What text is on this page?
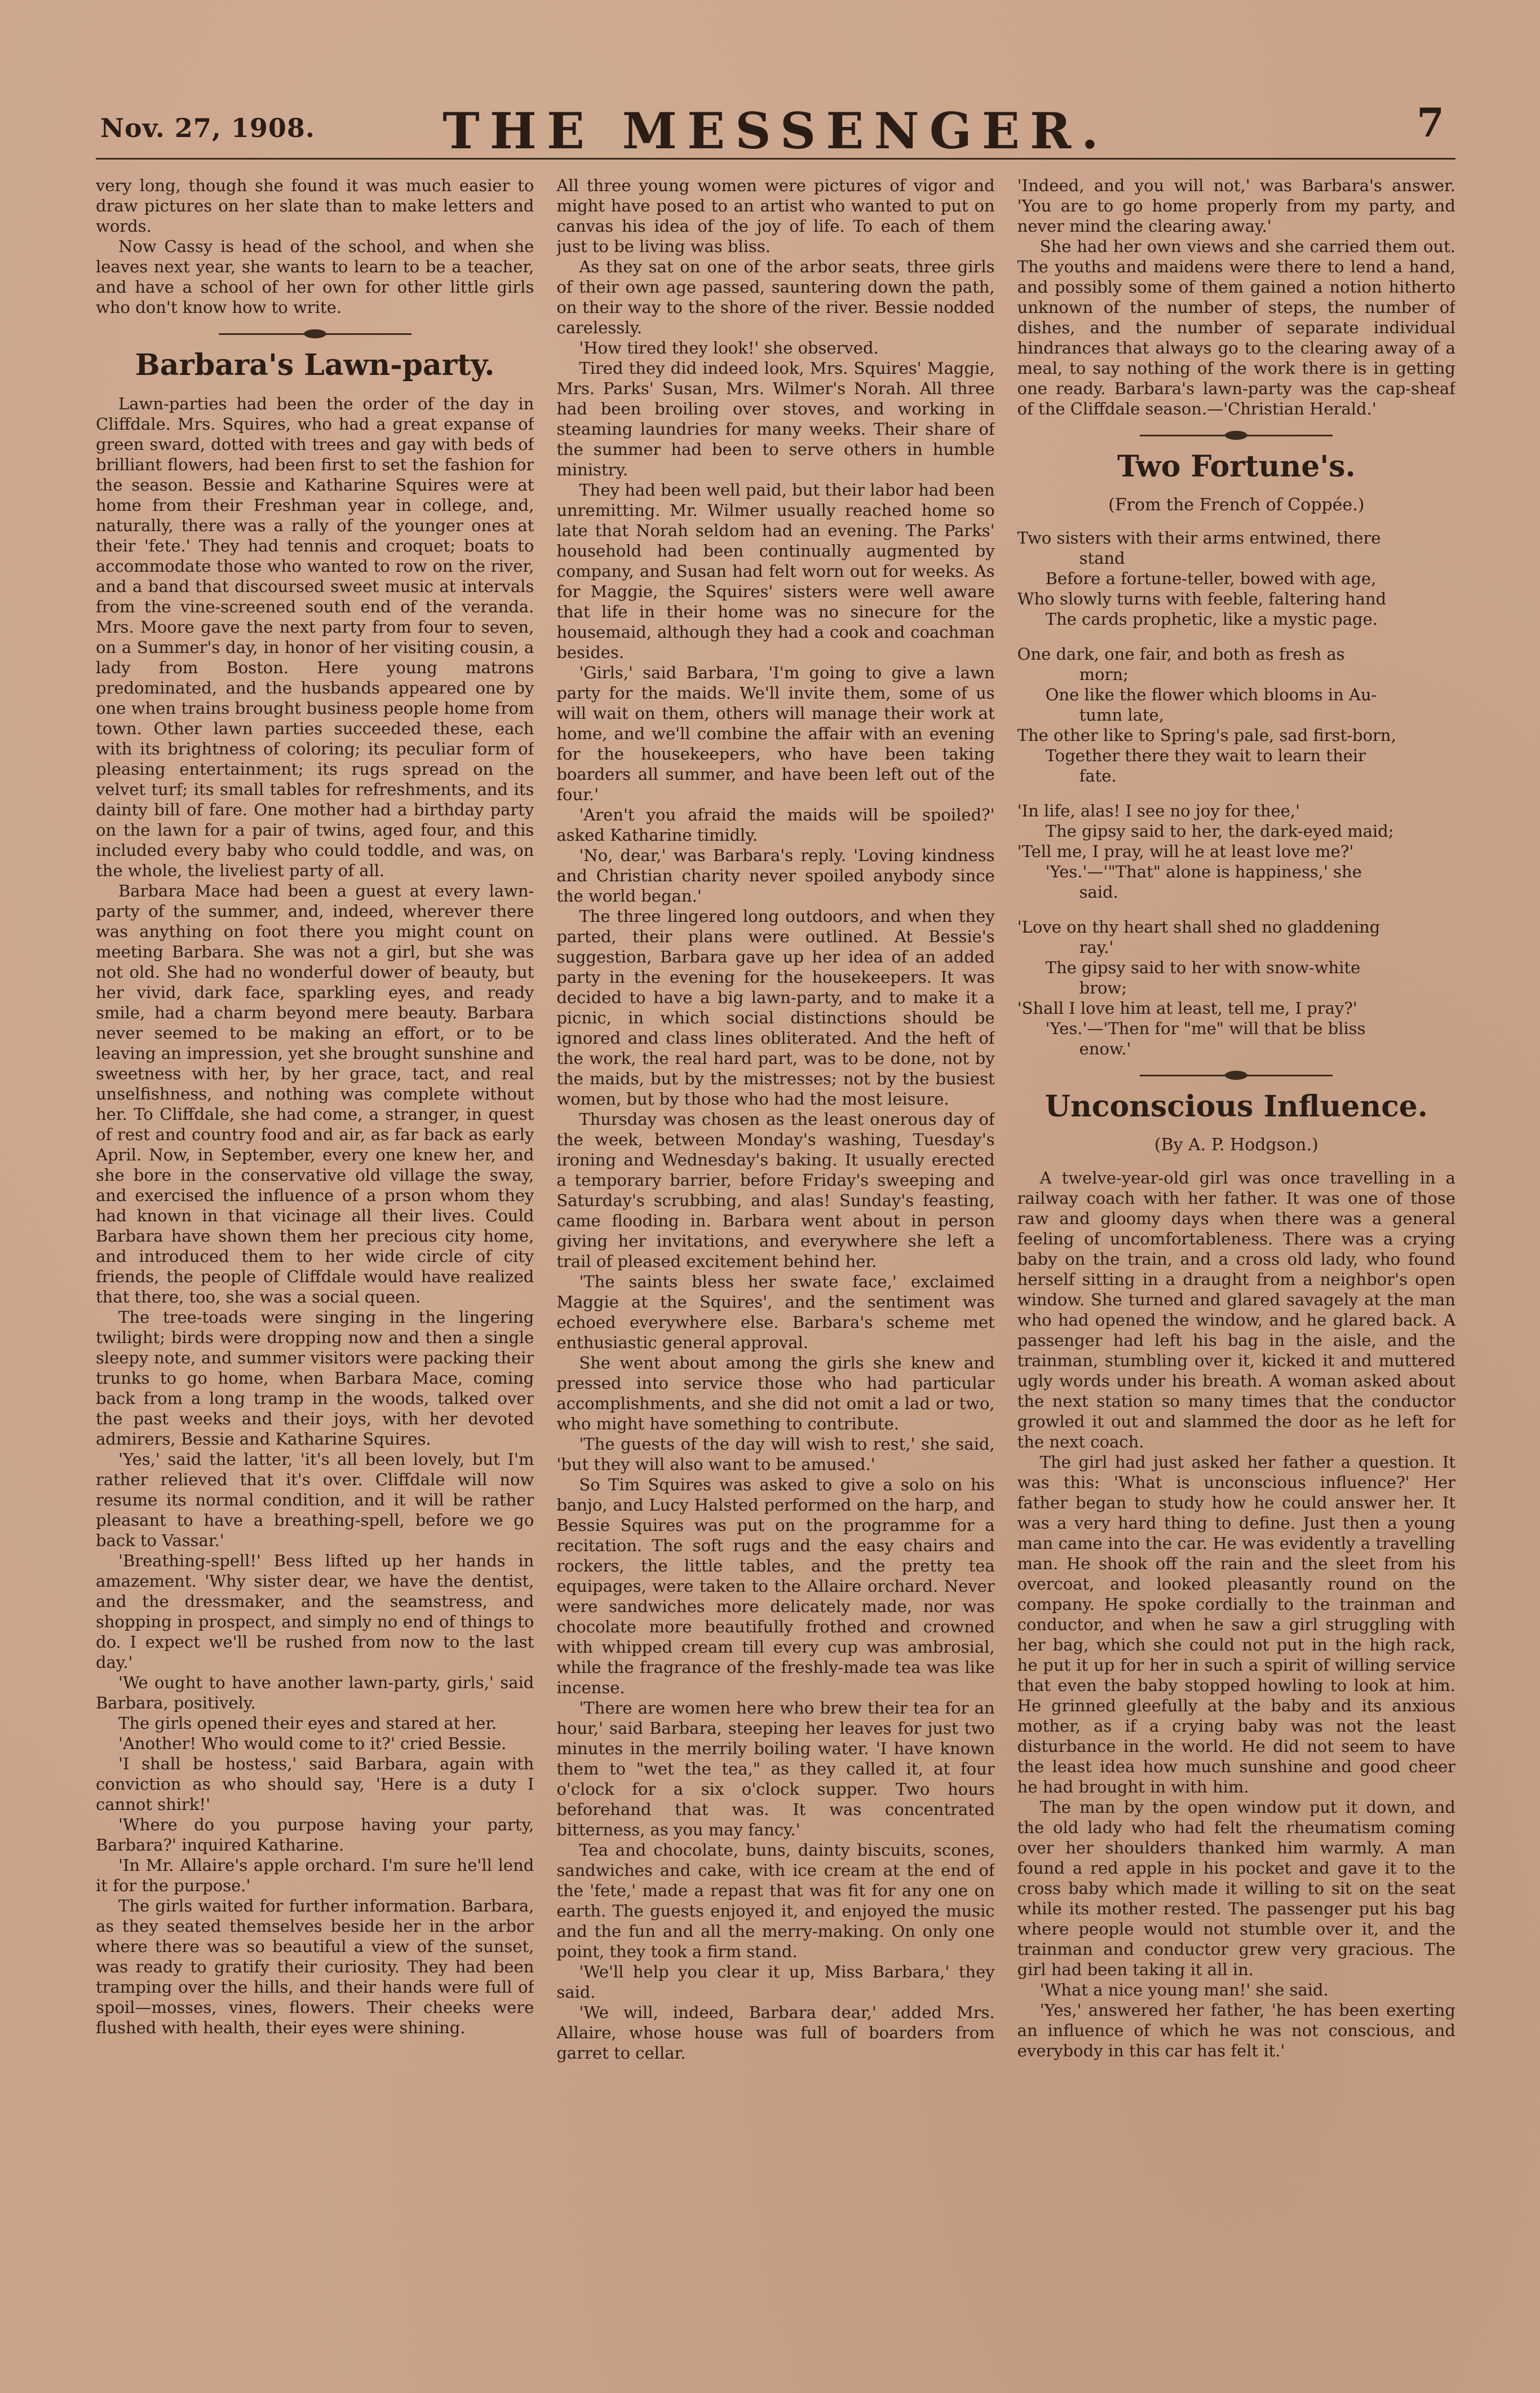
Nov. 27, 1908.	THE MESSENGER.	7

very long, though she found it was much easier to draw pictures on her slate than to make letters and words.

Now Cassy is head of the school, and when she leaves next year, she wants to learn to be a teacher, and have a school of her own for other little girls who don't know how to write.

Barbara's Lawn-party.

Lawn-parties had been the order of the day in Cliffdale. Mrs. Squires, who had a great expanse of green sward, dotted with trees and gay with beds of brilliant flowers, had been first to set the fashion for the season. Bessie and Katharine Squires were at home from their Freshman year in college, and, naturally, there was a rally of the younger ones at their 'fete.' They had tennis and croquet; boats to accommodate those who wanted to row on the river, and a band that discoursed sweet music at intervals from the vine-screened south end of the veranda. Mrs. Moore gave the next party from four to seven, on a Summer's day, in honor of her visiting cousin, a lady from Boston. Here young matrons predominated, and the husbands appeared one by one when trains brought business people home from town. Other lawn parties succeeded these, each with its brightness of coloring; its peculiar form of pleasing entertainment; its rugs spread on the velvet turf; its small tables for refreshments, and its dainty bill of fare. One mother had a birthday party on the lawn for a pair of twins, aged four, and this included every baby who could toddle, and was, on the whole, the liveliest party of all.

Barbara Mace had been a guest at every lawn-party of the summer, and, indeed, wherever there was anything on foot there you might count on meeting Barbara. She was not a girl, but she was not old. She had no wonderful dower of beauty, but her vivid, dark face, sparkling eyes, and ready smile, had a charm beyond mere beauty. Barbara never seemed to be making an effort, or to be leaving an impression, yet she brought sunshine and sweetness with her, by her grace, tact, and real unselfishness, and nothing was complete without her. To Cliffdale, she had come, a stranger, in quest of rest and country food and air, as far back as early April. Now, in September, every one knew her, and she bore in the conservative old village the sway, and exercised the influence of a prson whom they had known in that vicinage all their lives. Could Barbara have shown them her precious city home, and introduced them to her wide circle of city friends, the people of Cliffdale would have realized that there, too, she was a social queen.

The tree-toads were singing in the lingering twilight; birds were dropping now and then a single sleepy note, and summer visitors were packing their trunks to go home, when Barbara Mace, coming back from a long tramp in the woods, talked over the past weeks and their joys, with her devoted admirers, Bessie and Katharine Squires.

'Yes,' said the latter, 'it's all been lovely, but I'm rather relieved that it's over. Cliffdale will now resume its normal condition, and it will be rather pleasant to have a breathing-spell, before we go back to Vassar.'

'Breathing-spell!' Bess lifted up her hands in amazement. 'Why sister dear, we have the dentist, and the dressmaker, and the seamstress, and shopping in prospect, and simply no end of things to do. I expect we'll be rushed from now to the last day.'

'We ought to have another lawn-party, girls,' said Barbara, positively.

The girls opened their eyes and stared at her.

'Another! Who would come to it?' cried Bessie.

'I shall be hostess,' said Barbara, again with conviction as who should say, 'Here is a duty I cannot shirk!'

'Where do you purpose having your party, Barbara?' inquired Katharine.

'In Mr. Allaire's apple orchard. I'm sure he'll lend it for the purpose.'

The girls waited for further information. Barbara, as they seated themselves beside her in the arbor where there was so beautiful a view of the sunset, was ready to gratify their curiosity. They had been tramping over the hills, and their hands were full of spoil—mosses, vines, flowers. Their cheeks were flushed with health, their eyes were shining.

All three young women were pictures of vigor and might have posed to an artist who wanted to put on canvas his idea of the joy of life. To each of them just to be living was bliss.

As they sat on one of the arbor seats, three girls of their own age passed, sauntering down the path, on their way to the shore of the river. Bessie nodded carelessly.

'How tired they look!' she observed.

Tired they did indeed look, Mrs. Squires' Maggie, Mrs. Parks' Susan, Mrs. Wilmer's Norah. All three had been broiling over stoves, and working in steaming laundries for many weeks. Their share of the summer had been to serve others in humble ministry.

They had been well paid, but their labor had been unremitting. Mr. Wilmer usually reached home so late that Norah seldom had an evening. The Parks' household had been continually augmented by company, and Susan had felt worn out for weeks. As for Maggie, the Squires' sisters were well aware that life in their home was no sinecure for the housemaid, although they had a cook and coachman besides.

'Girls,' said Barbara, 'I'm going to give a lawn party for the maids. We'll invite them, some of us will wait on them, others will manage their work at home, and we'll combine the affair with an evening for the housekeepers, who have been taking boarders all summer, and have been left out of the four.'

'Aren't you afraid the maids will be spoiled?' asked Katharine timidly.

'No, dear,' was Barbara's reply. 'Loving kindness and Christian charity never spoiled anybody since the world began.'

The three lingered long outdoors, and when they parted, their plans were outlined. At Bessie's suggestion, Barbara gave up her idea of an added party in the evening for the housekeepers. It was decided to have a big lawn-party, and to make it a picnic, in which social distinctions should be ignored and class lines obliterated. And the heft of the work, the real hard part, was to be done, not by the maids, but by the mistresses; not by the busiest women, but by those who had the most leisure.

Thursday was chosen as the least onerous day of the week, between Monday's washing, Tuesday's ironing and Wednesday's baking. It usually erected a temporary barrier, before Friday's sweeping and Saturday's scrubbing, and alas! Sunday's feasting, came flooding in. Barbara went about in person giving her invitations, and everywhere she left a trail of pleased excitement behind her.

'The saints bless her swate face,' exclaimed Maggie at the Squires', and the sentiment was echoed everywhere else. Barbara's scheme met enthusiastic general approval.

She went about among the girls she knew and pressed into service those who had particular accomplishments, and she did not omit a lad or two, who might have something to contribute.

'The guests of the day will wish to rest,' she said, 'but they will also want to be amused.'

So Tim Squires was asked to give a solo on his banjo, and Lucy Halsted performed on the harp, and Bessie Squires was put on the programme for a recitation. The soft rugs and the easy chairs and rockers, the little tables, and the pretty tea equipages, were taken to the Allaire orchard. Never were sandwiches more delicately made, nor was chocolate more beautifully frothed and crowned with whipped cream till every cup was ambrosial, while the fragrance of the freshly-made tea was like incense.

'There are women here who brew their tea for an hour,' said Barbara, steeping her leaves for just two minutes in the merrily boiling water. 'I have known them to "wet the tea," as they called it, at four o'clock for a six o'clock supper. Two hours beforehand that was. It was concentrated bitterness, as you may fancy.'

Tea and chocolate, buns, dainty biscuits, scones, sandwiches and cake, with ice cream at the end of the 'fete,' made a repast that was fit for any one on earth. The guests enjoyed it, and enjoyed the music and the fun and all the merry-making. On only one point, they took a firm stand.

'We'll help you clear it up, Miss Barbara,' they said.

'We will, indeed, Barbara dear,' added Mrs. Allaire, whose house was full of boarders from garret to cellar.

'Indeed, and you will not,' was Barbara's answer. 'You are to go home properly from my party, and never mind the clearing away.'

She had her own views and she carried them out. The youths and maidens were there to lend a hand, and possibly some of them gained a notion hitherto unknown of the number of steps, the number of dishes, and the number of separate individual hindrances that always go to the clearing away of a meal, to say nothing of the work there is in getting one ready. Barbara's lawn-party was the cap-sheaf of the Cliffdale season.—'Christian Herald.'

Two Fortune's.
(From the French of Coppée.)
Two sisters with their arms entwined, there
stand
Before a fortune-teller, bowed with age,
Who slowly turns with feeble, faltering hand
The cards prophetic, like a mystic page.
One dark, one fair, and both as fresh as
morn;
One like the flower which blooms in Au-
tumn late,
The other like to Spring's pale, sad first-born,
Together there they wait to learn their
fate.
'In life, alas! I see no joy for thee,'
The gipsy said to her, the dark-eyed maid;
'Tell me, I pray, will he at least love me?'
'Yes.'—'"That" alone is happiness,' she
said.
'Love on thy heart shall shed no gladdening
ray.'
The gipsy said to her with snow-white
brow;
'Shall I love him at least, tell me, I pray?'
'Yes.'—'Then for "me" will that be bliss
enow.'
Unconscious Influence.
(By A. P. Hodgson.)

A twelve-year-old girl was once travelling in a railway coach with her father. It was one of those raw and gloomy days when there was a general feeling of uncomfortableness. There was a crying baby on the train, and a cross old lady, who found herself sitting in a draught from a neighbor's open window. She turned and glared savagely at the man who had opened the window, and he glared back. A passenger had left his bag in the aisle, and the trainman, stumbling over it, kicked it and muttered ugly words under his breath. A woman asked about the next station so many times that the conductor growled it out and slammed the door as he left for the next coach.

The girl had just asked her father a question. It was this: 'What is unconscious influence?' Her father began to study how he could answer her. It was a very hard thing to define. Just then a young man came into the car. He was evidently a travelling man. He shook off the rain and the sleet from his overcoat, and looked pleasantly round on the company. He spoke cordially to the trainman and conductor, and when he saw a girl struggling with her bag, which she could not put in the high rack, he put it up for her in such a spirit of willing service that even the baby stopped howling to look at him. He grinned gleefully at the baby and its anxious mother, as if a crying baby was not the least disturbance in the world. He did not seem to have the least idea how much sunshine and good cheer he had brought in with him.

The man by the open window put it down, and the old lady who had felt the rheumatism coming over her shoulders thanked him warmly. A man found a red apple in his pocket and gave it to the cross baby which made it willing to sit on the seat while its mother rested. The passenger put his bag where people would not stumble over it, and the trainman and conductor grew very gracious. The girl had been taking it all in.

'What a nice young man!' she said.

'Yes,' answered her father, 'he has been exerting an influence of which he was not conscious, and everybody in this car has felt it.'
